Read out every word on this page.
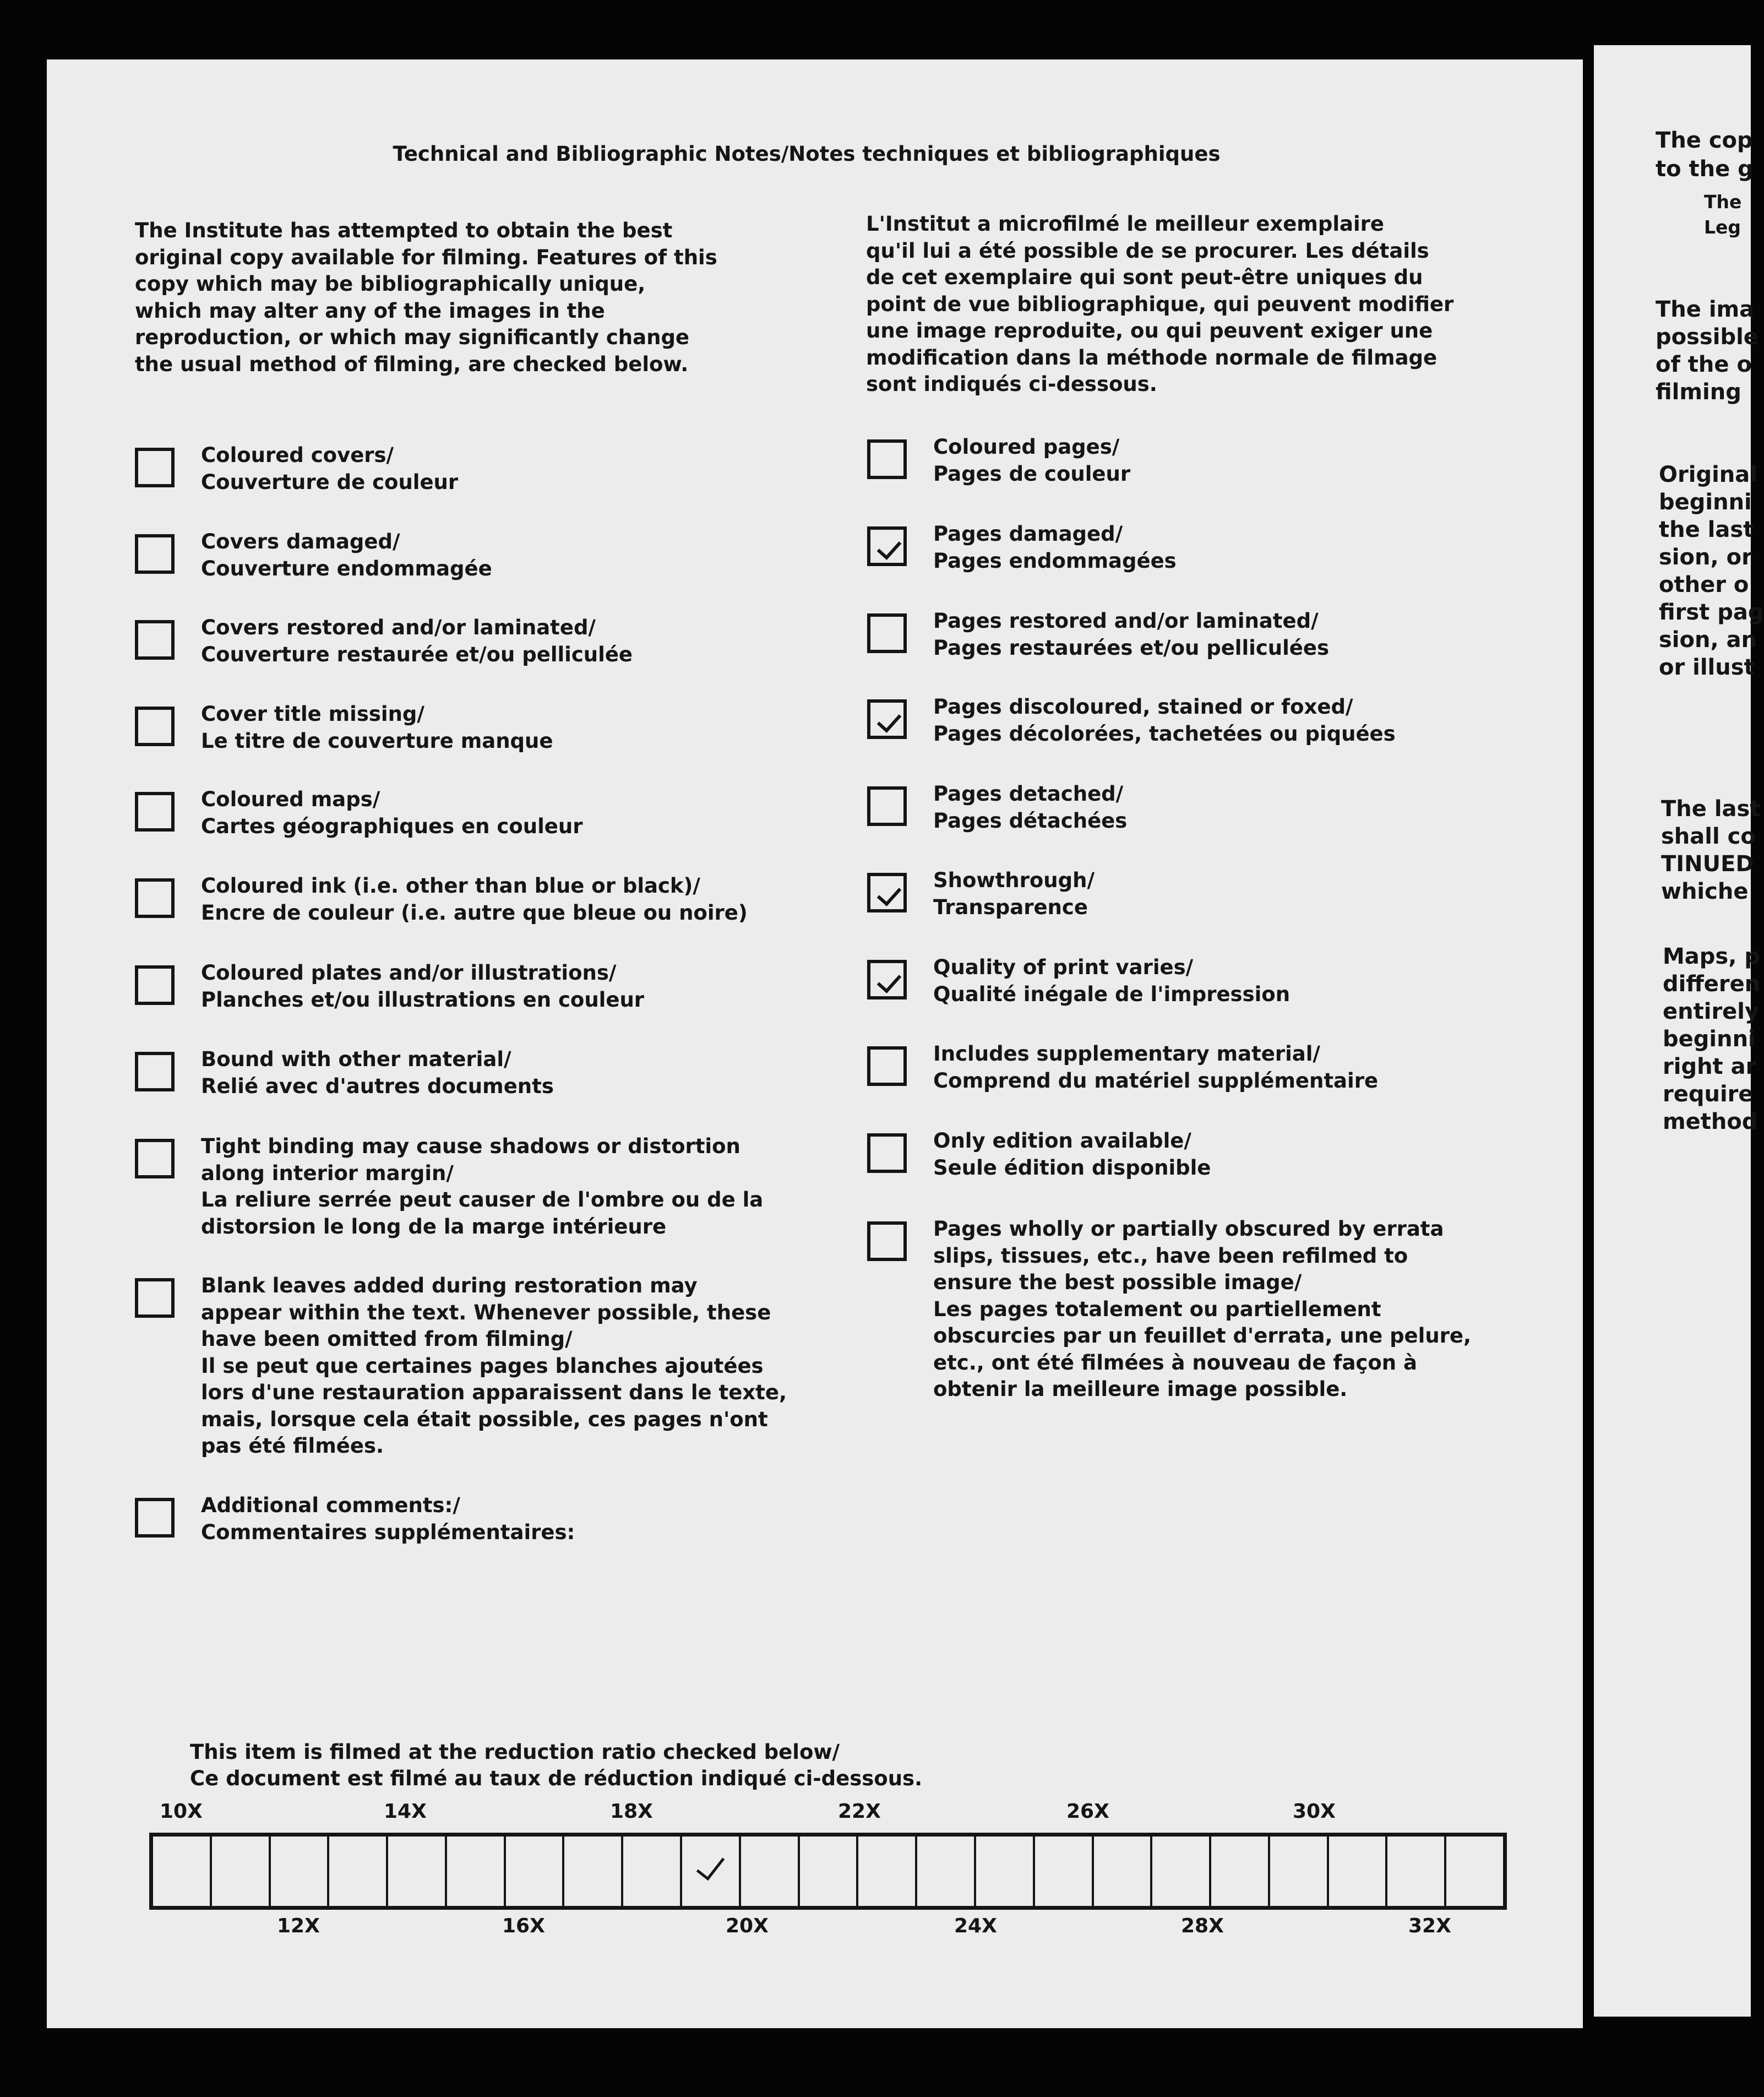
Technical and Bibliographic Notes/Notes techniques et bibliographiques
The Institute has attempted to obtain the best
original copy available for filming. Features of this
copy which may be bibliographically unique,
which may alter any of the images in the
reproduction, or which may significantly change
the usual method of filming, are checked below.
L'Institut a microfilmé le meilleur exemplaire
qu'il lui a été possible de se procurer. Les détails
de cet exemplaire qui sont peut-être uniques du
point de vue bibliographique, qui peuvent modifier
une image reproduite, ou qui peuvent exiger une
modification dans la méthode normale de filmage
sont indiqués ci-dessous.
Coloured covers/
Couverture de couleur
Covers damaged/
Couverture endommagée
Covers restored and/or laminated/
Couverture restaurée et/ou pelliculée
Cover title missing/
Le titre de couverture manque
Coloured maps/
Cartes géographiques en couleur
Coloured ink (i.e. other than blue or black)/
Encre de couleur (i.e. autre que bleue ou noire)
Coloured plates and/or illustrations/
Planches et/ou illustrations en couleur
Bound with other material/
Relié avec d'autres documents
Tight binding may cause shadows or distortion
along interior margin/
La reliure serrée peut causer de l'ombre ou de la
distorsion le long de la marge intérieure
Blank leaves added during restoration may
appear within the text. Whenever possible, these
have been omitted from filming/
Il se peut que certaines pages blanches ajoutées
lors d'une restauration apparaissent dans le texte,
mais, lorsque cela était possible, ces pages n'ont
pas été filmées.
Additional comments:/
Commentaires supplémentaires:
Coloured pages/
Pages de couleur
Pages damaged/
Pages endommagées
Pages restored and/or laminated/
Pages restaurées et/ou pelliculées
Pages discoloured, stained or foxed/
Pages décolorées, tachetées ou piquées
Pages detached/
Pages détachées
Showthrough/
Transparence
Quality of print varies/
Qualité inégale de l'impression
Includes supplementary material/
Comprend du matériel supplémentaire
Only edition available/
Seule édition disponible
Pages wholly or partially obscured by errata
slips, tissues, etc., have been refilmed to
ensure the best possible image/
Les pages totalement ou partiellement
obscurcies par un feuillet d'errata, une pelure,
etc., ont été filmées à nouveau de façon à
obtenir la meilleure image possible.
This item is filmed at the reduction ratio checked below/
Ce document est filmé au taux de réduction indiqué ci-dessous.
10X	14X	18X	22X	26X	30X
12X	16X	20X	24X	28X	32X
The cop
to the g
The
Leg
The ima
possible
of the o
filming
Original
beginni
the last
sion, or
other o
first pag
sion, an
or illust
The last
shall co
TINUED
whiche
Maps, p
differen
entirely
beginni
right ar
require
method
